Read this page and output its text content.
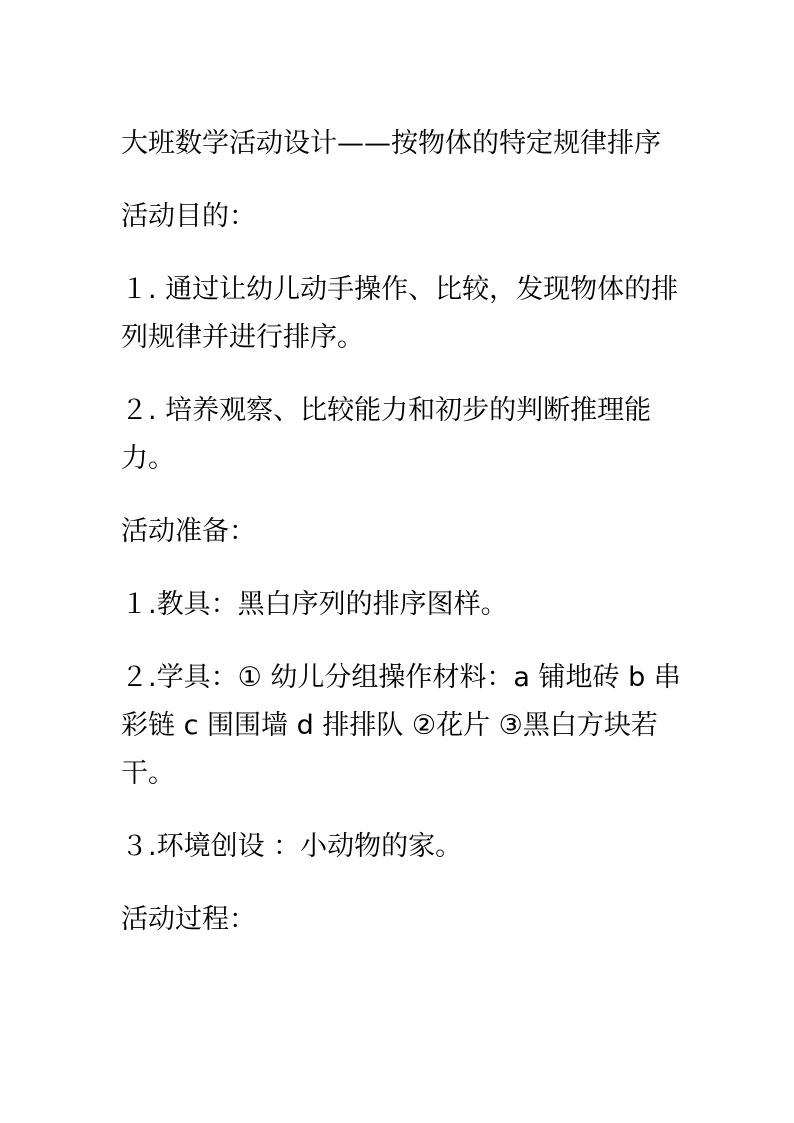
大班数学活动设计——按物体的特定规律排序

活动目的：

１. 通过让幼儿动手操作、比较，发现物体的排列规律并进行排序。

２. 培养观察、比较能力和初步的判断推理能力。

活动准备：

１.教具：黑白序列的排序图样。

２.学具：① 幼儿分组操作材料：a 铺地砖 b 串彩链 c 围围墙 d 排排队 ②花片 ③黑白方块若干。

３.环境创设 ：小动物的家。

活动过程：
